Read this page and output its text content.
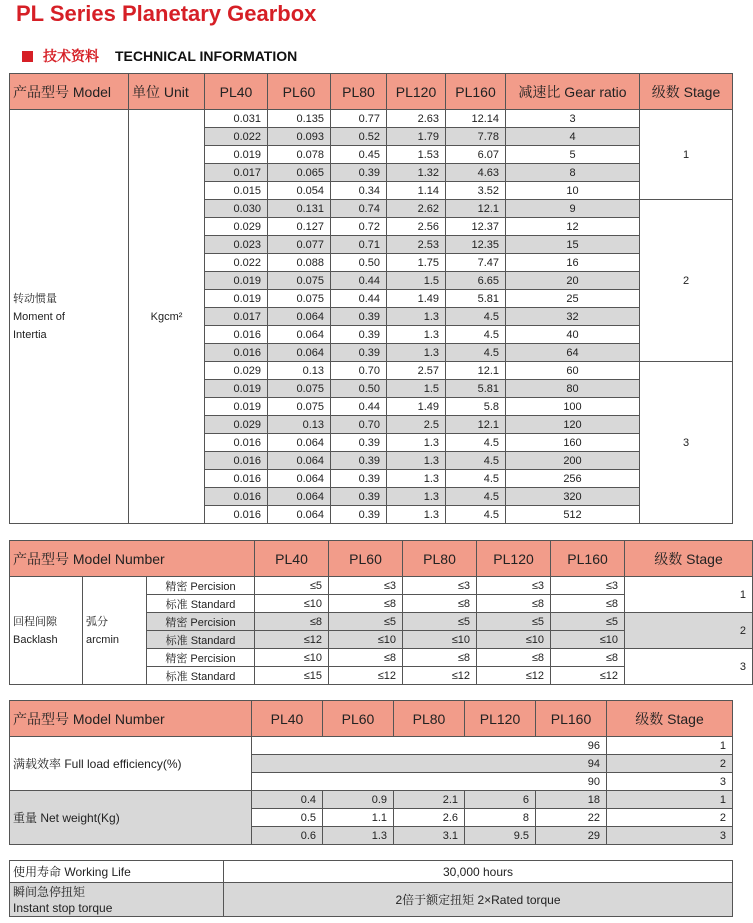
PL Series Planetary Gearbox
技术资料 TECHNICAL INFORMATION
产品型号 Model	单位 Unit	PL40	PL60	PL80	PL120	PL160	减速比 Gear ratio	级数 Stage
转动惯量
Moment of
Intertia	Kgcm²	0.031	0.135	0.77	2.63	12.14	3	1
		0.022	0.093	0.52	1.79	7.78	4	
		0.019	0.078	0.45	1.53	6.07	5	
		0.017	0.065	0.39	1.32	4.63	8	
		0.015	0.054	0.34	1.14	3.52	10	
		0.030	0.131	0.74	2.62	12.1	9	2
		0.029	0.127	0.72	2.56	12.37	12	
		0.023	0.077	0.71	2.53	12.35	15	
		0.022	0.088	0.50	1.75	7.47	16	
		0.019	0.075	0.44	1.5	6.65	20	
		0.019	0.075	0.44	1.49	5.81	25	
		0.017	0.064	0.39	1.3	4.5	32	
		0.016	0.064	0.39	1.3	4.5	40	
		0.016	0.064	0.39	1.3	4.5	64	
		0.029	0.13	0.70	2.57	12.1	60	3
		0.019	0.075	0.50	1.5	5.81	80	
		0.019	0.075	0.44	1.49	5.8	100	
		0.029	0.13	0.70	2.5	12.1	120	
		0.016	0.064	0.39	1.3	4.5	160	
		0.016	0.064	0.39	1.3	4.5	200	
		0.016	0.064	0.39	1.3	4.5	256	
		0.016	0.064	0.39	1.3	4.5	320	
		0.016	0.064	0.39	1.3	4.5	512	
产品型号 Model Number			PL40	PL60	PL80	PL120	PL160	级数 Stage
回程间隙
Backlash	弧分
arcmin	精密 Percision	≤5	≤3	≤3	≤3	≤3	1
		标准 Standard	≤10	≤8	≤8	≤8	≤8	
		精密 Percision	≤8	≤5	≤5	≤5	≤5	2
		标准 Standard	≤12	≤10	≤10	≤10	≤10	
		精密 Percision	≤10	≤8	≤8	≤8	≤8	3
		标准 Standard	≤15	≤12	≤12	≤12	≤12	
产品型号 Model Number	PL40	PL60	PL80	PL120	PL160	级数 Stage
满载效率 Full load efficiency(%)	96					1
	94					2
	90					3
重量 Net weight(Kg)	0.4	0.9	2.1	6	18	1
	0.5	1.1	2.6	8	22	2
	0.6	1.3	3.1	9.5	29	3
使用寿命 Working Life	30,000 hours
瞬间急停扭矩
Instant stop torque	2倍于额定扭矩 2×Rated torque
